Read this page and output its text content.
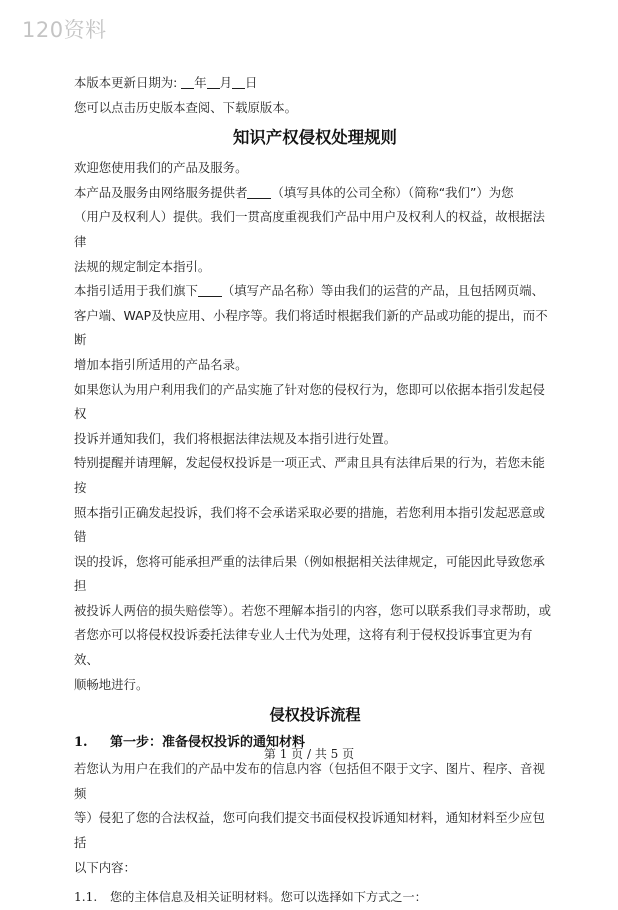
120资料

本版本更新日期为: 年 月 日

您可以点击历史版本查阅、下载原版本。

知识产权侵权处理规则

欢迎您使用我们的产品及服务。

本产品及服务由网络服务提供者 （填写具体的公司全称）（简称“我们”）为您

（用户及权利人）提供。我们一贯高度重视我们产品中用户及权利人的权益，故根据法律

法规的规定制定本指引。

本指引适用于我们旗下 （填写产品名称）等由我们的运营的产品，且包括网页端、

客户端、WAP及快应用、小程序等。我们将适时根据我们新的产品或功能的提出，而不断

增加本指引所适用的产品名录。

如果您认为用户利用我们的产品实施了针对您的侵权行为，您即可以依据本指引发起侵权

投诉并通知我们，我们将根据法律法规及本指引进行处置。

特别提醒并请理解，发起侵权投诉是一项正式、严肃且具有法律后果的行为，若您未能按

照本指引正确发起投诉，我们将不会承诺采取必要的措施，若您利用本指引发起恶意或错

误的投诉，您将可能承担严重的法律后果（例如根据相关法律规定，可能因此导致您承担

被投诉人两倍的损失赔偿等）。若您不理解本指引的内容，您可以联系我们寻求帮助，或

者您亦可以将侵权投诉委托法律专业人士代为处理，这将有利于侵权投诉事宜更为有效、

顺畅地进行。

侵权投诉流程
1. 第一步：准备侵权投诉的通知材料

若您认为用户在我们的产品中发布的信息内容（包括但不限于文字、图片、程序、音视频

等）侵犯了您的合法权益，您可向我们提交书面侵权投诉通知材料，通知材料至少应包括

以下内容：

1.1. 您的主体信息及相关证明材料。您可以选择如下方式之一：

第 1 页 / 共 5 页
